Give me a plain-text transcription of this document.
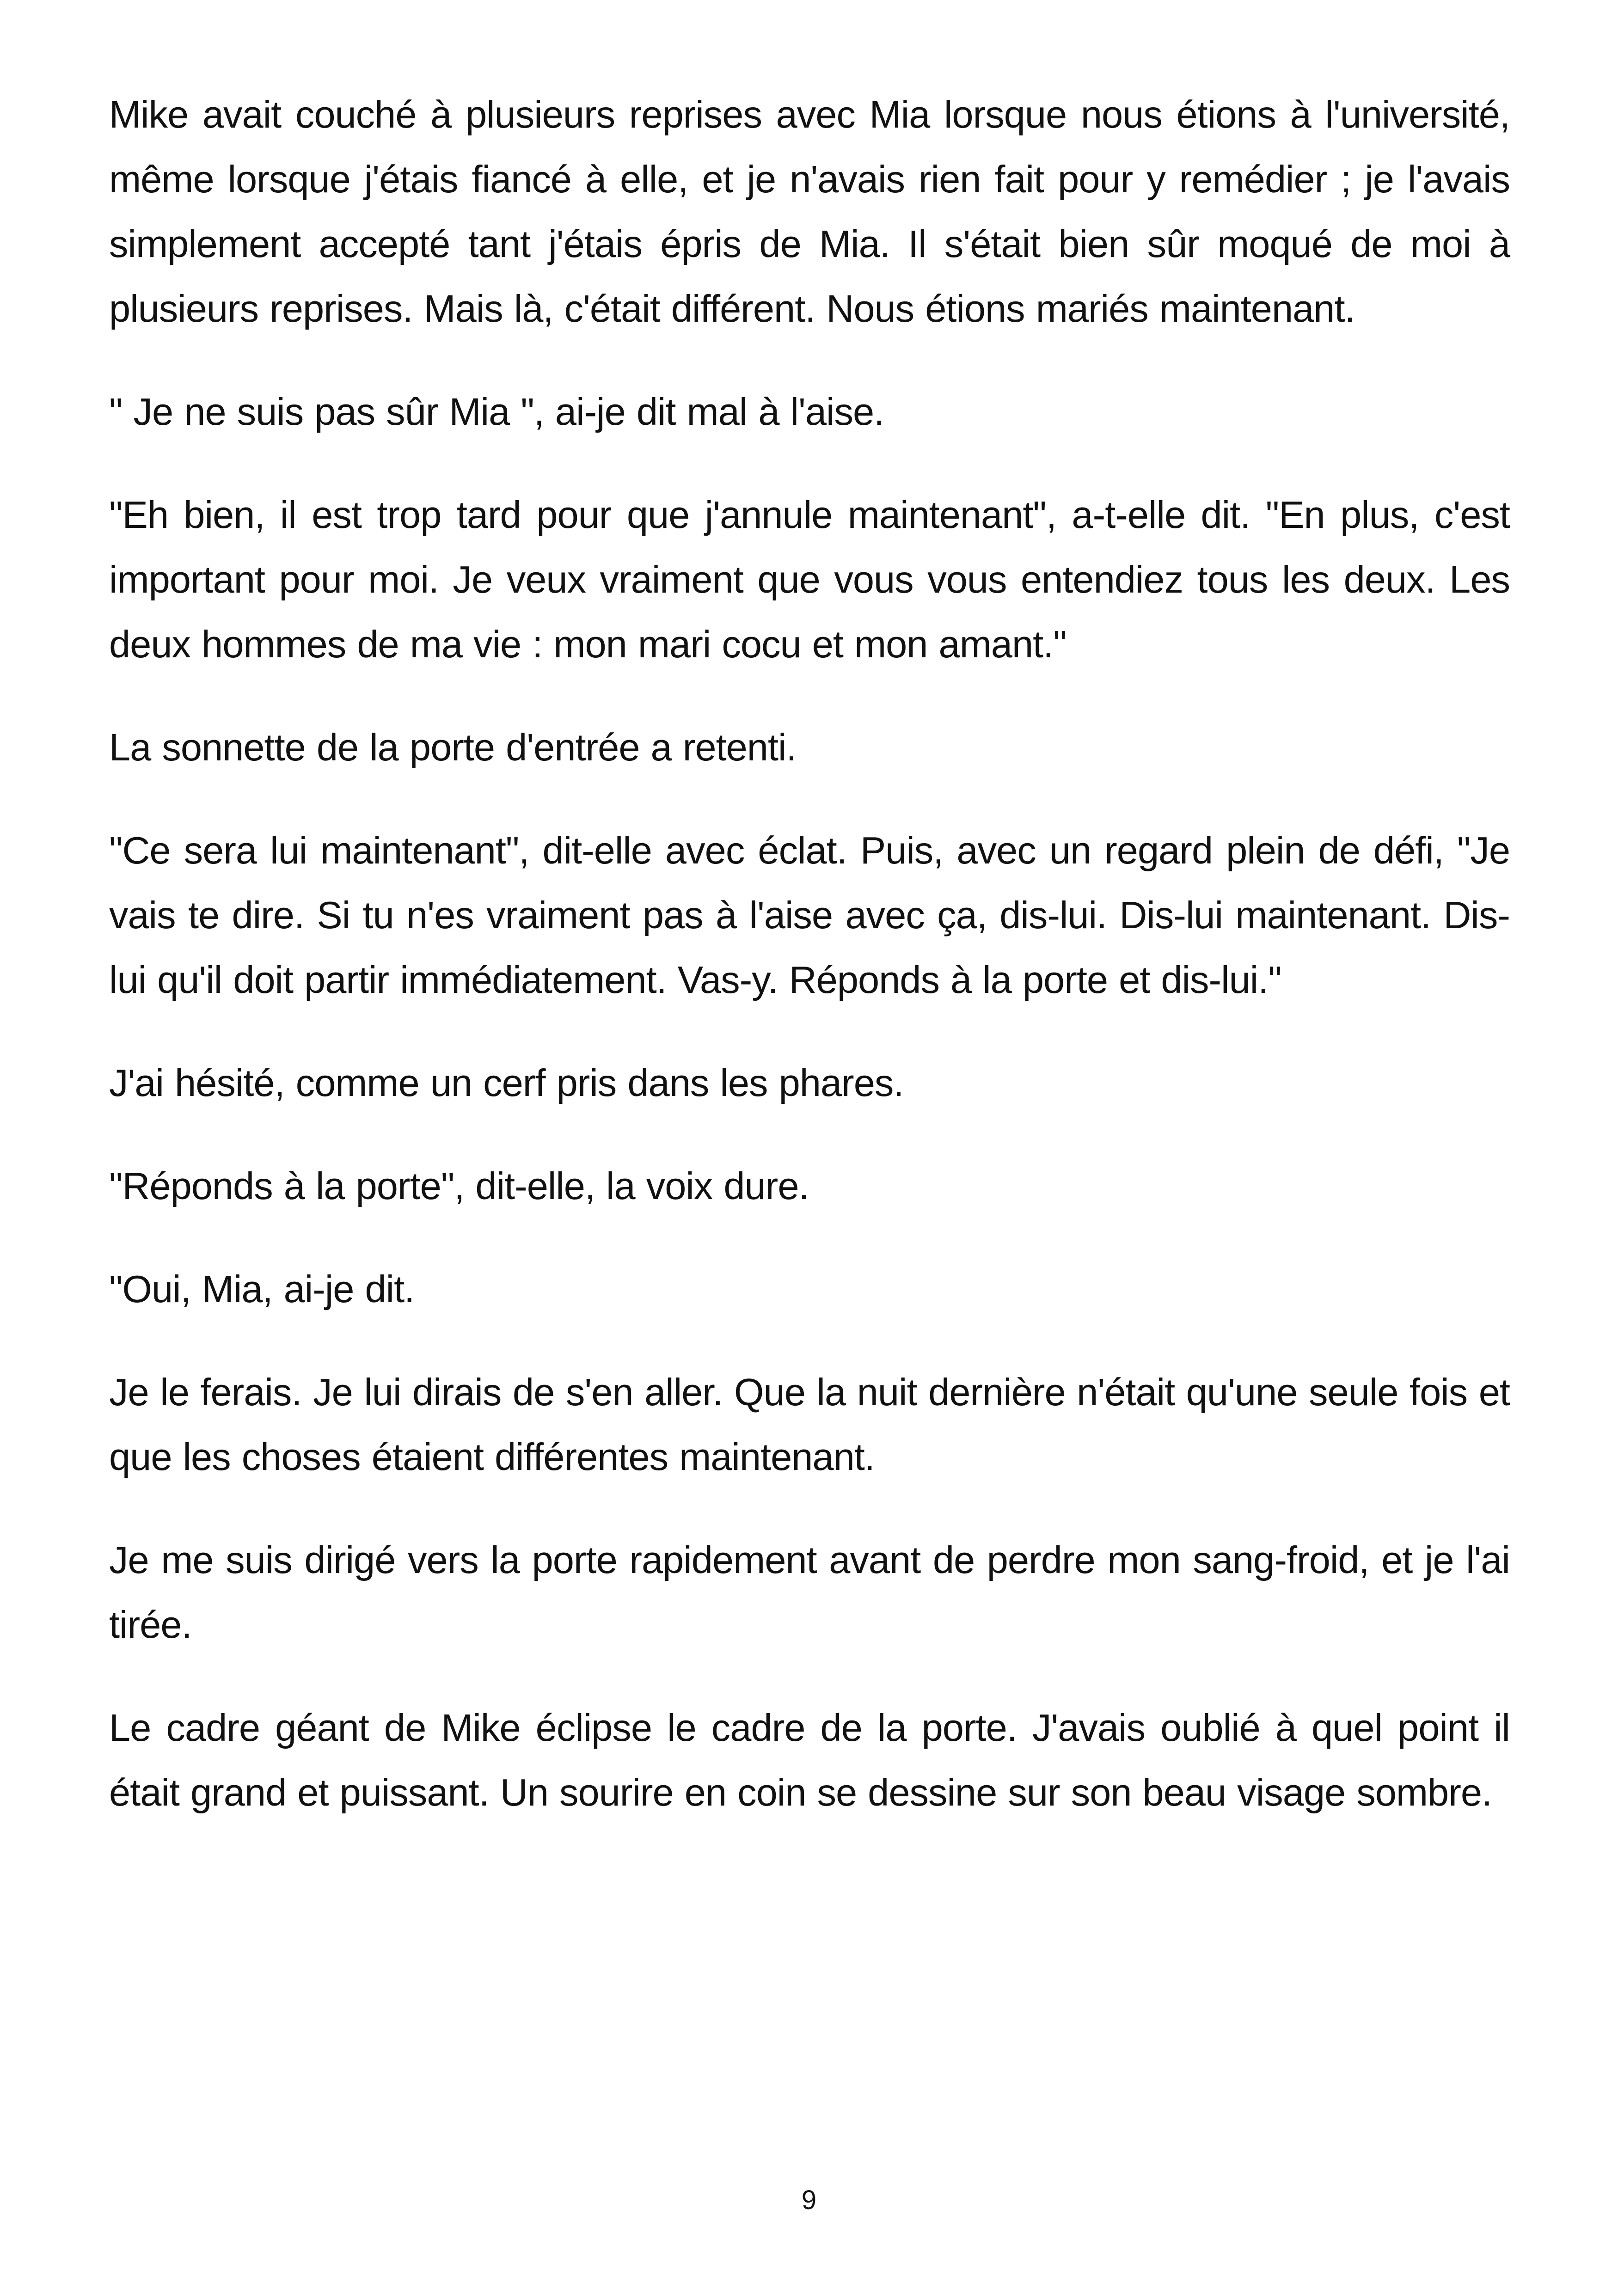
Mike avait couché à plusieurs reprises avec Mia lorsque nous étions à l'université, même lorsque j'étais fiancé à elle, et je n'avais rien fait pour y remédier ; je l'avais simplement accepté tant j'étais épris de Mia. Il s'était bien sûr moqué de moi à plusieurs reprises. Mais là, c'était différent. Nous étions mariés maintenant.

" Je ne suis pas sûr Mia ", ai-je dit mal à l'aise.

"Eh bien, il est trop tard pour que j'annule maintenant", a-t-elle dit. "En plus, c'est important pour moi. Je veux vraiment que vous vous entendiez tous les deux. Les deux hommes de ma vie : mon mari cocu et mon amant."

La sonnette de la porte d'entrée a retenti.

"Ce sera lui maintenant", dit-elle avec éclat. Puis, avec un regard plein de défi, "Je vais te dire. Si tu n'es vraiment pas à l'aise avec ça, dis-lui. Dis-lui maintenant. Dis-lui qu'il doit partir immédiatement. Vas-y. Réponds à la porte et dis-lui."

J'ai hésité, comme un cerf pris dans les phares.

"Réponds à la porte", dit-elle, la voix dure.

"Oui, Mia, ai-je dit.

Je le ferais. Je lui dirais de s'en aller. Que la nuit dernière n'était qu'une seule fois et que les choses étaient différentes maintenant.

Je me suis dirigé vers la porte rapidement avant de perdre mon sang-froid, et je l'ai tirée.

Le cadre géant de Mike éclipse le cadre de la porte. J'avais oublié à quel point il était grand et puissant. Un sourire en coin se dessine sur son beau visage sombre.

9
